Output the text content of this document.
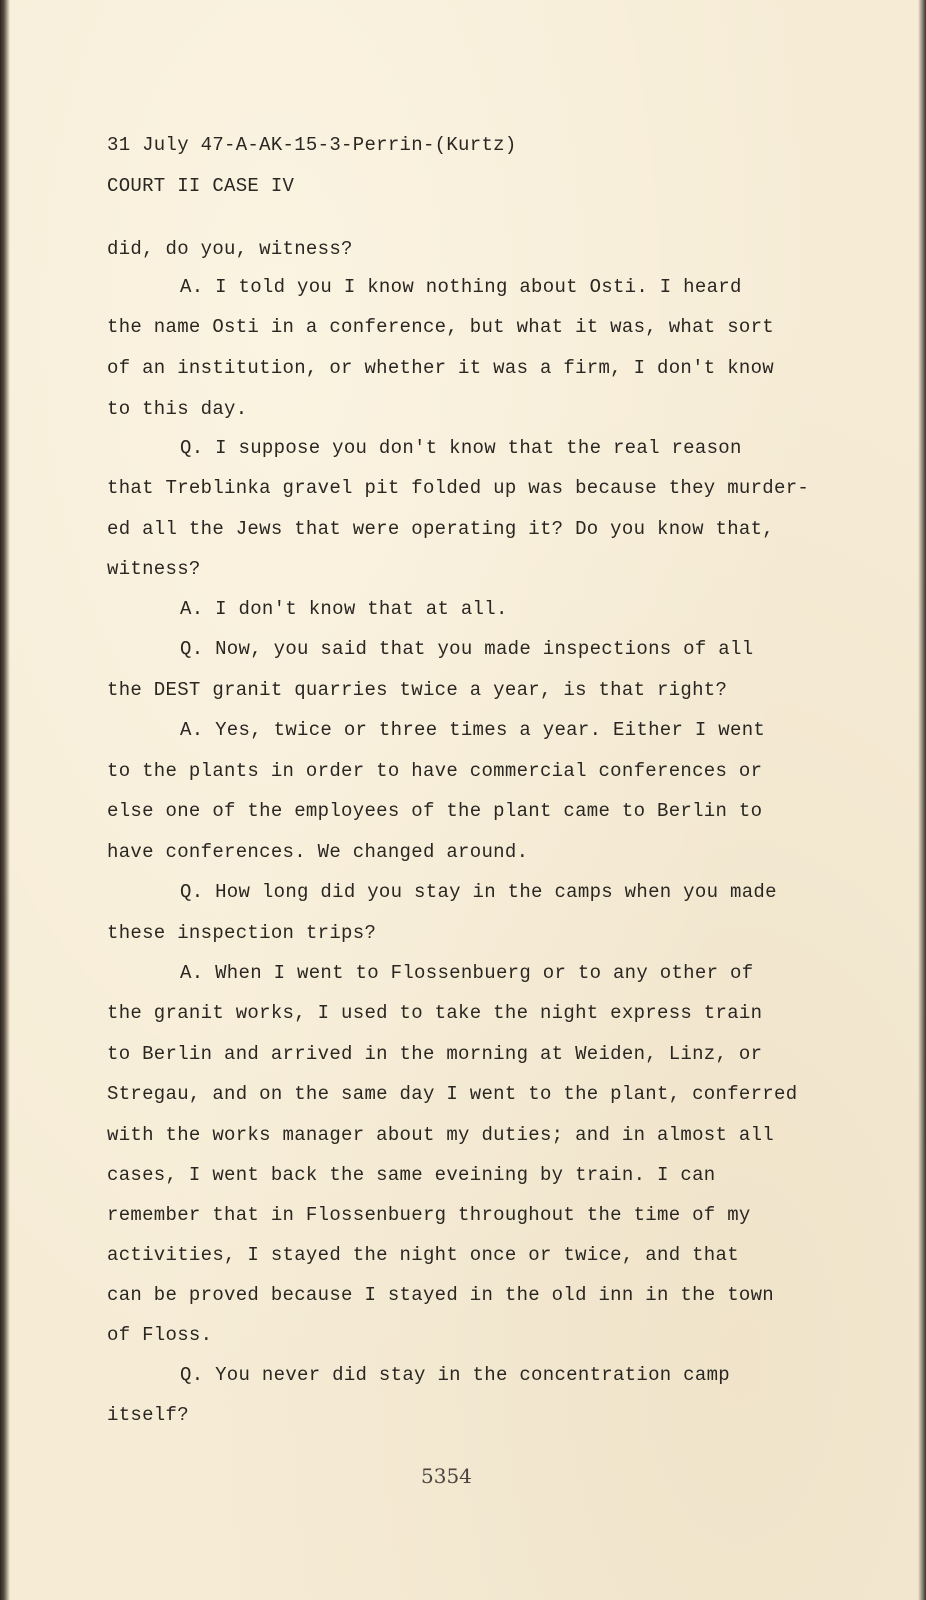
31 July 47-A-AK-15-3-Perrin-(Kurtz)
COURT II CASE IV
did, do you, witness?
A. I told you I know nothing about Osti. I heard
the name Osti in a conference, but what it was, what sort
of an institution, or whether it was a firm, I don't know
to this day.
Q. I suppose you don't know that the real reason
that Treblinka gravel pit folded up was because they murder-
ed all the Jews that were operating it? Do you know that,
witness?
A. I don't know that at all.
Q. Now, you said that you made inspections of all
the DEST granit quarries twice a year, is that right?
A. Yes, twice or three times a year. Either I went
to the plants in order to have commercial conferences or
else one of the employees of the plant came to Berlin to
have conferences. We changed around.
Q. How long did you stay in the camps when you made
these inspection trips?
A. When I went to Flossenbuerg or to any other of
the granit works, I used to take the night express train
to Berlin and arrived in the morning at Weiden, Linz, or
Stregau, and on the same day I went to the plant, conferred
with the works manager about my duties; and in almost all
cases, I went back the same eveining by train. I can
remember that in Flossenbuerg throughout the time of my
activities, I stayed the night once or twice, and that
can be proved because I stayed in the old inn in the town
of Floss.
Q. You never did stay in the concentration camp
itself?
5354
